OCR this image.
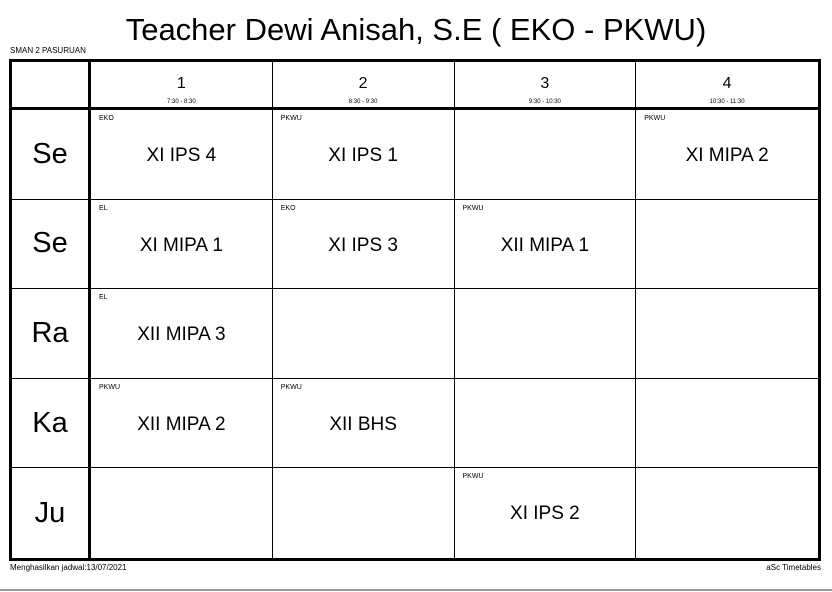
Teacher Dewi Anisah, S.E ( EKO - PKWU)
SMAN 2 PASURUAN
1
7:30 - 8:30
2
8:30 - 9:30
3
9:30 - 10:30
4
10:30 - 11:30
Se
EKO
XI IPS 4
PKWU
XI IPS 1
PKWU
XI MIPA 2
Se
EL
XI MIPA 1
EKO
XI IPS 3
PKWU
XII MIPA 1
Ra
EL
XII MIPA 3
Ka
PKWU
XII MIPA 2
PKWU
XII BHS
Ju
PKWU
XI IPS 2
Menghasilkan jadwal:13/07/2021	aSc Timetables
